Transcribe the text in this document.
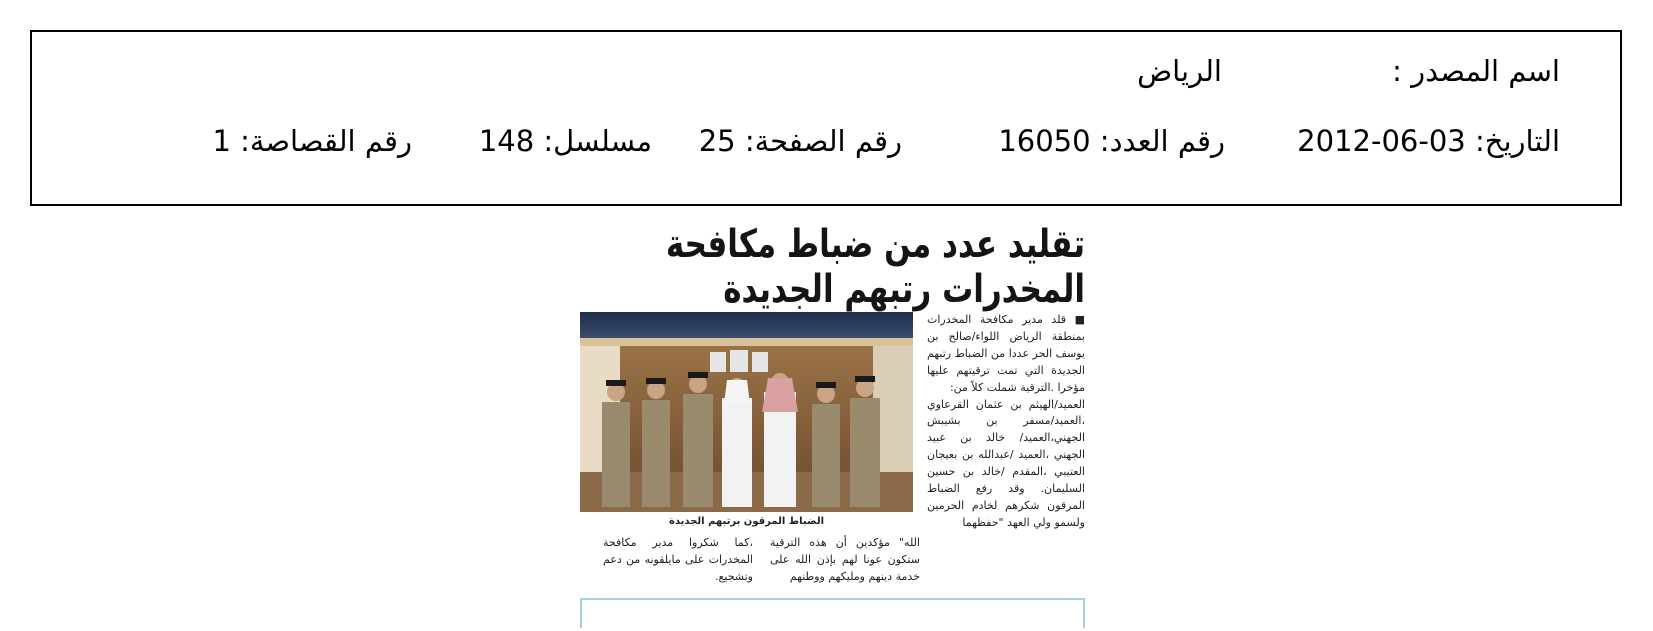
اسم المصدر :
الرياض
التاريخ: 03-06-2012
رقم العدد: 16050
رقم الصفحة: 25
مسلسل: 148
رقم القصاصة: 1
تقليد عدد من ضباط مكافحة المخدرات رتبهم الجديدة

■ قلد مدير مكافحة المخدرات بمنطقة الرياض اللواء/صالح بن يوسف الحر عددا من الضباط رتبهم الجديدة التي تمت ترقيتهم عليها مؤخرا .الترقية شملت كلاً من:

العميد/الهيثم بن عثمان القرعاوي ،العميد/مسفر بن بشيبش الجهني،العميد/ خالد بن عبيد الجهني ،العميد /عبدالله بن بعيجان العتيبي ،المقدم /خالد بن حسين السليمان. وقد رفع الضباط المرقون شكرهم لخادم الحرمين ولسمو ولي العهد "حفظهما

الضباط المرقون برتبهم الجديدة
الله" مؤكدين أن هذه الترقية ستكون عونا لهم بإذن الله على خدمة دينهم ومليكهم ووطنهم
،كما شكروا مدير مكافحة المخدرات على مايلقونه من دعم وتشجيع.
